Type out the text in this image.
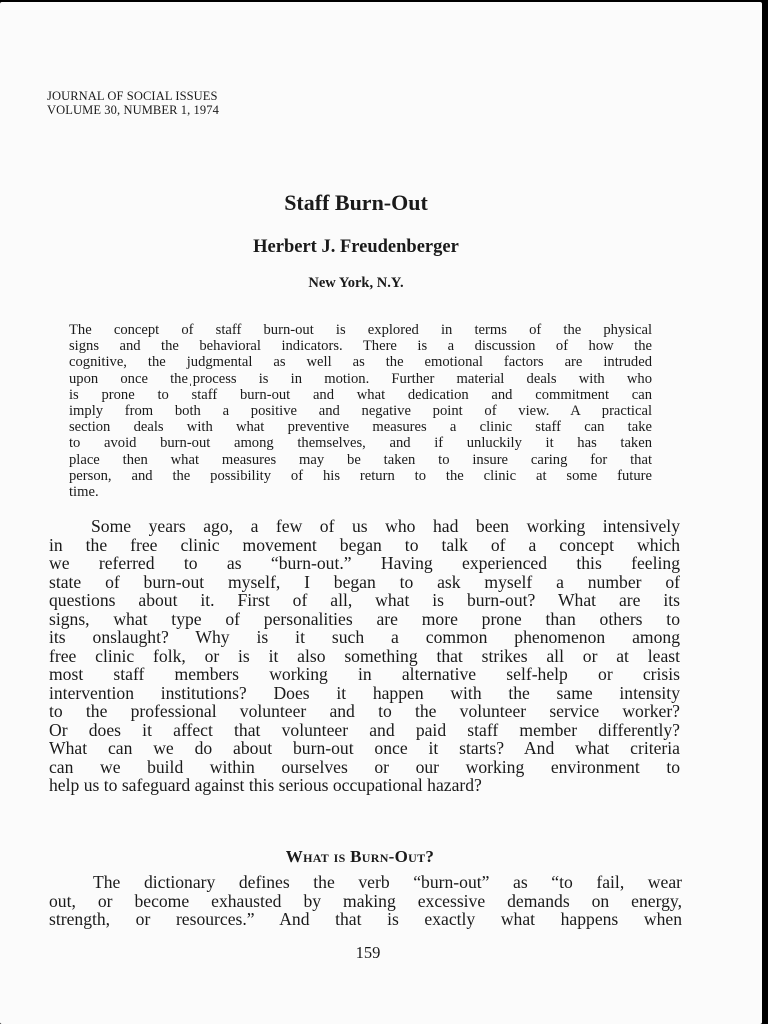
JOURNAL OF SOCIAL ISSUES
VOLUME 30, NUMBER 1, 1974
Staff Burn-Out
Herbert J. Freudenberger
New York, N.Y.
The concept of staff burn-out is explored in terms of the physical
signs and the behavioral indicators. There is a discussion of how the
cognitive, the judgmental as well as the emotional factors are intruded
upon once theˌprocess is in motion. Further material deals with who
is prone to staff burn-out and what dedication and commitment can
imply from both a positive and negative point of view. A practical
section deals with what preventive measures a clinic staff can take
to avoid burn-out among themselves, and if unluckily it has taken
place then what measures may be taken to insure caring for that
person, and the possibility of his return to the clinic at some future
time.
Some years ago, a few of us who had been working intensively
in the free clinic movement began to talk of a concept which
we referred to as “burn-out.” Having experienced this feeling
state of burn-out myself, I began to ask myself a number of
questions about it. First of all, what is burn-out? What are its
signs, what type of personalities are more prone than others to
its onslaught? Why is it such a common phenomenon among
free clinic folk, or is it also something that strikes all or at least
most staff members working in alternative self-help or crisis
intervention institutions? Does it happen with the same intensity
to the professional volunteer and to the volunteer service worker?
Or does it affect that volunteer and paid staff member differently?
What can we do about burn-out once it starts? And what criteria
can we build within ourselves or our working environment to
help us to safeguard against this serious occupational hazard?
What is Burn-Out?
The dictionary defines the verb “burn-out” as “to fail, wear
out, or become exhausted by making excessive demands on energy,
strength, or resources.” And that is exactly what happens when
159
